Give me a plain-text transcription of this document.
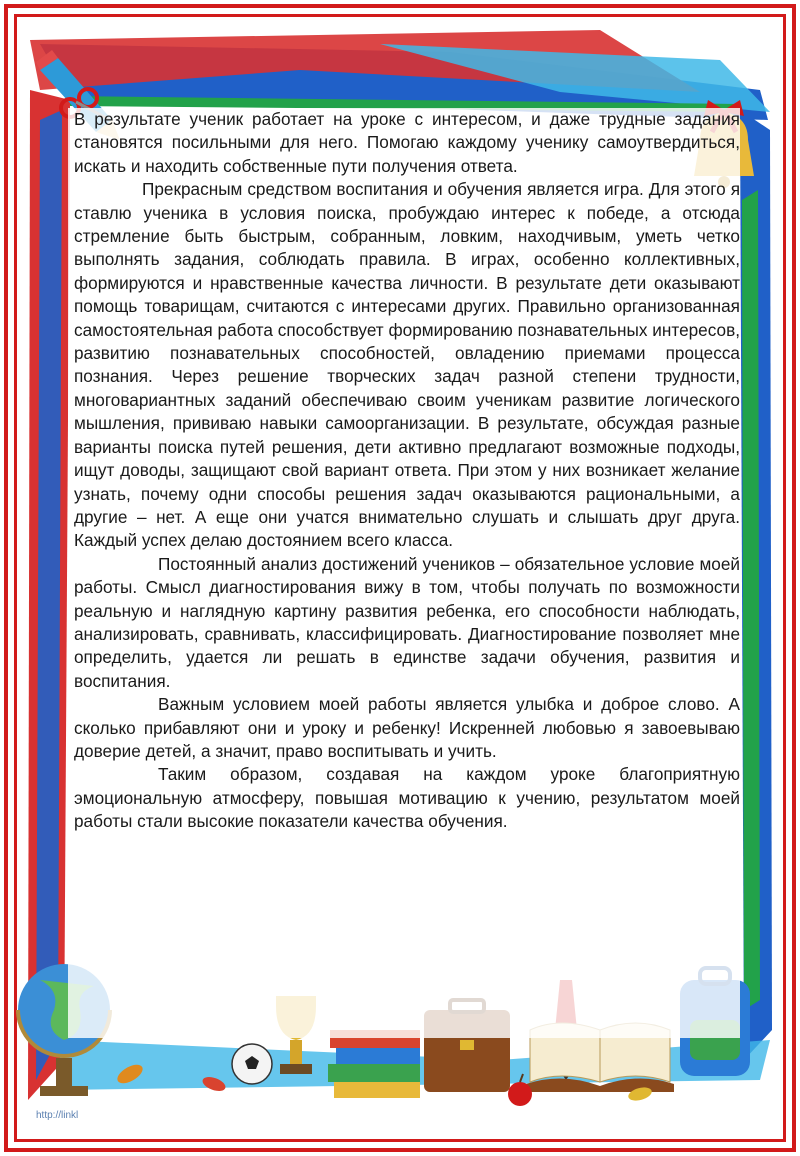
В результате ученик работает на уроке с интересом, и даже трудные задания становятся посильными для него. Помогаю каждому ученику самоутвердиться, искать и находить собственные пути получения ответа.

Прекрасным средством воспитания и обучения является игра. Для этого я ставлю ученика в условия поиска, пробуждаю интерес к победе, а отсюда стремление быть быстрым, собранным, ловким, находчивым, уметь четко выполнять задания, соблюдать правила. В играх, особенно коллективных, формируются и нравственные качества личности. В результате дети оказывают помощь товарищам, считаются с интересами других. Правильно организованная самостоятельная работа способствует формированию познавательных интересов, развитию познавательных способностей, овладению приемами процесса познания. Через решение творческих задач разной степени трудности, многовариантных заданий обеспечиваю своим ученикам развитие логического мышления, прививаю навыки самоорганизации. В результате, обсуждая разные варианты поиска путей решения, дети активно предлагают возможные подходы, ищут доводы, защищают свой вариант ответа. При этом у них возникает желание узнать, почему одни способы решения задач оказываются рациональными, а другие – нет. А еще они учатся внимательно слушать и слышать друг друга. Каждый успех делаю достоянием всего класса.

Постоянный анализ достижений учеников – обязательное условие моей работы. Смысл диагностирования вижу в том, чтобы получать по возможности реальную и наглядную картину развития ребенка, его способности наблюдать, анализировать, сравнивать, классифицировать. Диагностирование позволяет мне определить, удается ли решать в единстве задачи обучения, развития и воспитания.

Важным условием моей работы является улыбка и доброе слово. А сколько прибавляют они и уроку и ребенку! Искренней любовью я завоевываю доверие детей, а значит, право воспитывать и учить.

Таким образом, создавая на каждом уроке благоприятную эмоциональную атмосферу, повышая мотивацию к учению, результатом моей работы стали высокие показатели качества обучения.

http://linkl
